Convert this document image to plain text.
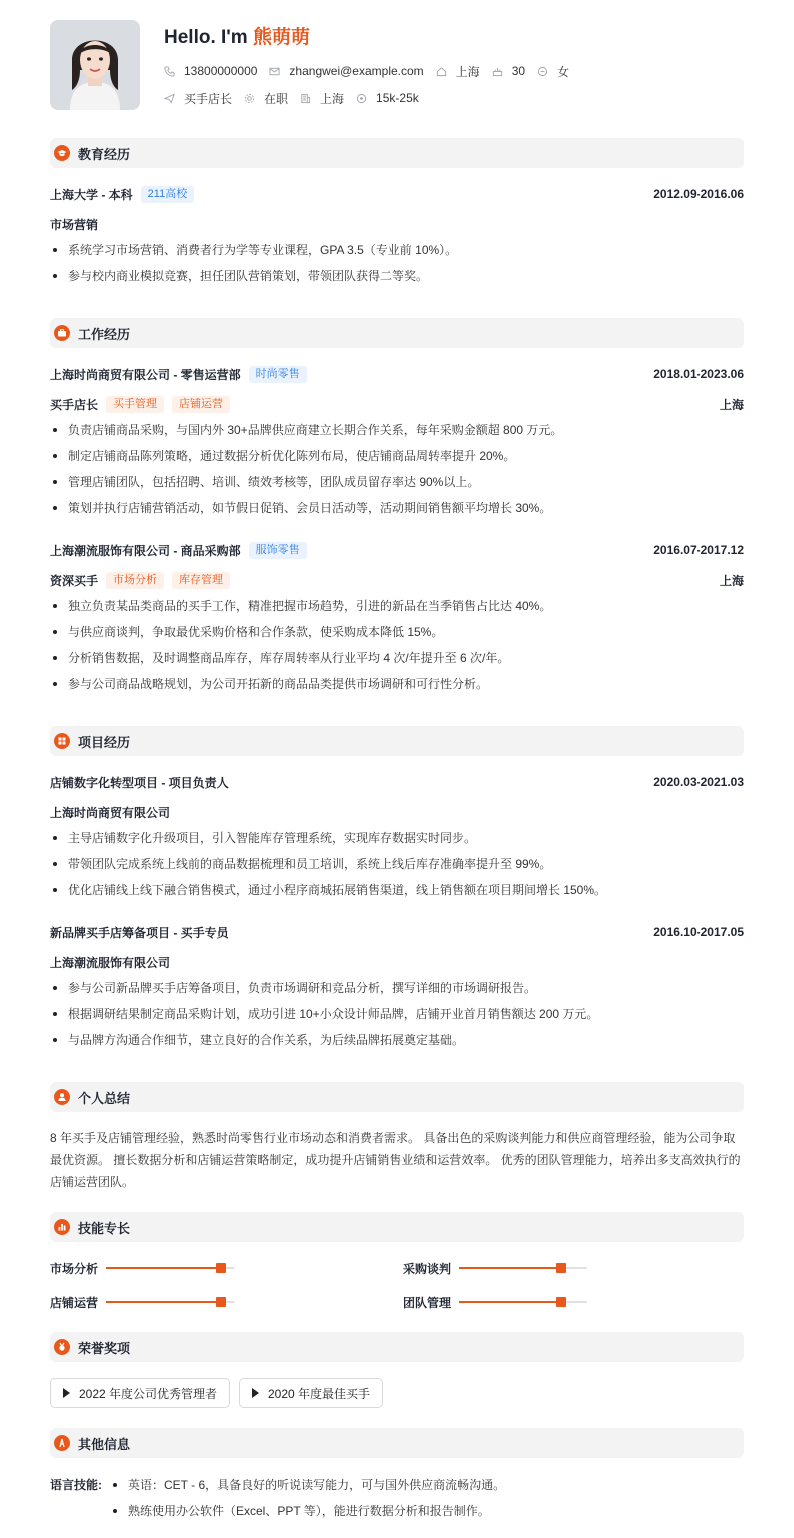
Hello. I'm 熊萌萌
13800000000	zhangwei@example.com	上海	30	女
买手店长	在职	上海	15k-25k
教育经历
上海大学 - 本科	211高校	2012.09-2016.06
市场营销
系统学习市场营销、消费者行为学等专业课程，GPA 3.5（专业前 10%）。
参与校内商业模拟竞赛，担任团队营销策划，带领团队获得二等奖。
工作经历
上海时尚商贸有限公司 - 零售运营部	时尚零售	2018.01-2023.06
买手店长	买手管理	店铺运营	上海
负责店铺商品采购，与国内外 30+品牌供应商建立长期合作关系，每年采购金额超 800 万元。
制定店铺商品陈列策略，通过数据分析优化陈列布局，使店铺商品周转率提升 20%。
管理店铺团队，包括招聘、培训、绩效考核等，团队成员留存率达 90%以上。
策划并执行店铺营销活动，如节假日促销、会员日活动等，活动期间销售额平均增长 30%。
上海潮流服饰有限公司 - 商品采购部	服饰零售	2016.07-2017.12
资深买手	市场分析	库存管理	上海
独立负责某品类商品的买手工作，精准把握市场趋势，引进的新品在当季销售占比达 40%。
与供应商谈判，争取最优采购价格和合作条款，使采购成本降低 15%。
分析销售数据，及时调整商品库存，库存周转率从行业平均 4 次/年提升至 6 次/年。
参与公司商品战略规划，为公司开拓新的商品品类提供市场调研和可行性分析。
项目经历
店铺数字化转型项目 - 项目负责人	2020.03-2021.03
上海时尚商贸有限公司
主导店铺数字化升级项目，引入智能库存管理系统，实现库存数据实时同步。
带领团队完成系统上线前的商品数据梳理和员工培训，系统上线后库存准确率提升至 99%。
优化店铺线上线下融合销售模式，通过小程序商城拓展销售渠道，线上销售额在项目期间增长 150%。
新品牌买手店筹备项目 - 买手专员	2016.10-2017.05
上海潮流服饰有限公司
参与公司新品牌买手店筹备项目，负责市场调研和竞品分析，撰写详细的市场调研报告。
根据调研结果制定商品采购计划，成功引进 10+小众设计师品牌，店铺开业首月销售额达 200 万元。
与品牌方沟通合作细节，建立良好的合作关系，为后续品牌拓展奠定基础。
个人总结
8 年买手及店铺管理经验，熟悉时尚零售行业市场动态和消费者需求。 具备出色的采购谈判能力和供应商管理经验，能为公司争取
最优资源。 擅长数据分析和店铺运营策略制定，成功提升店铺销售业绩和运营效率。 优秀的团队管理能力，培养出多支高效执行的
店铺运营团队。
技能专长
市场分析	采购谈判
店铺运营	团队管理
荣誉奖项
2022 年度公司优秀管理者	2020 年度最佳买手
其他信息
语言技能:	英语：CET - 6，具备良好的听说读写能力，可与国外供应商流畅沟通。
熟练使用办公软件（Excel、PPT 等），能进行数据分析和报告制作。
